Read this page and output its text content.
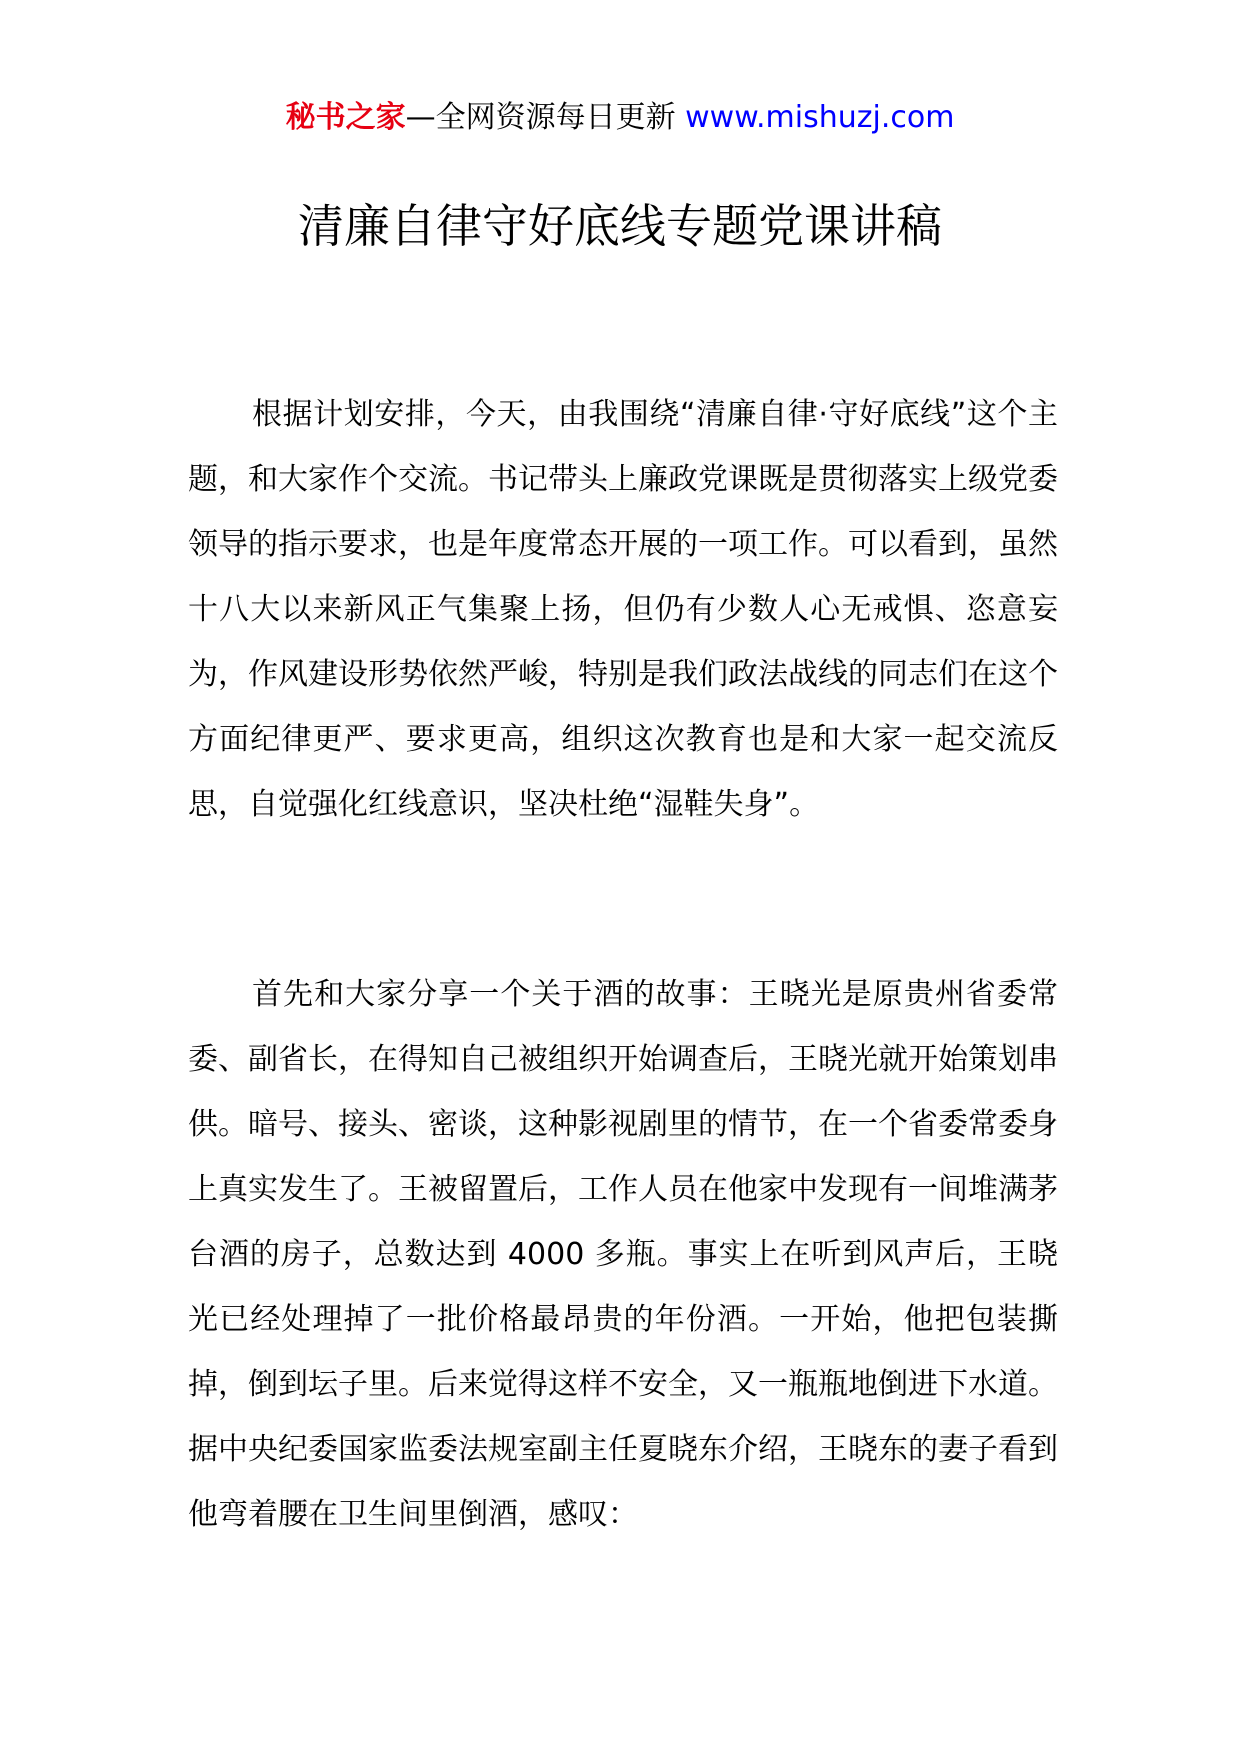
秘书之家—全网资源每日更新 www.mishuzj.com
清廉自律守好底线专题党课讲稿

根据计划安排，今天，由我围绕“清廉自律·守好底线”这个主题，和大家作个交流。书记带头上廉政党课既是贯彻落实上级党委领导的指示要求，也是年度常态开展的一项工作。可以看到，虽然十八大以来新风正气集聚上扬，但仍有少数人心无戒惧、恣意妄为，作风建设形势依然严峻，特别是我们政法战线的同志们在这个方面纪律更严、要求更高，组织这次教育也是和大家一起交流反思，自觉强化红线意识，坚决杜绝“湿鞋失身”。

首先和大家分享一个关于酒的故事：王晓光是原贵州省委常委、副省长，在得知自己被组织开始调查后，王晓光就开始策划串供。暗号、接头、密谈，这种影视剧里的情节，在一个省委常委身上真实发生了。王被留置后，工作人员在他家中发现有一间堆满茅台酒的房子，总数达到 4000 多瓶。事实上在听到风声后，王晓光已经处理掉了一批价格最昂贵的年份酒。一开始，他把包装撕掉，倒到坛子里。后来觉得这样不安全，又一瓶瓶地倒进下水道。据中央纪委国家监委法规室副主任夏晓东介绍，王晓东的妻子看到他弯着腰在卫生间里倒酒，感叹：
